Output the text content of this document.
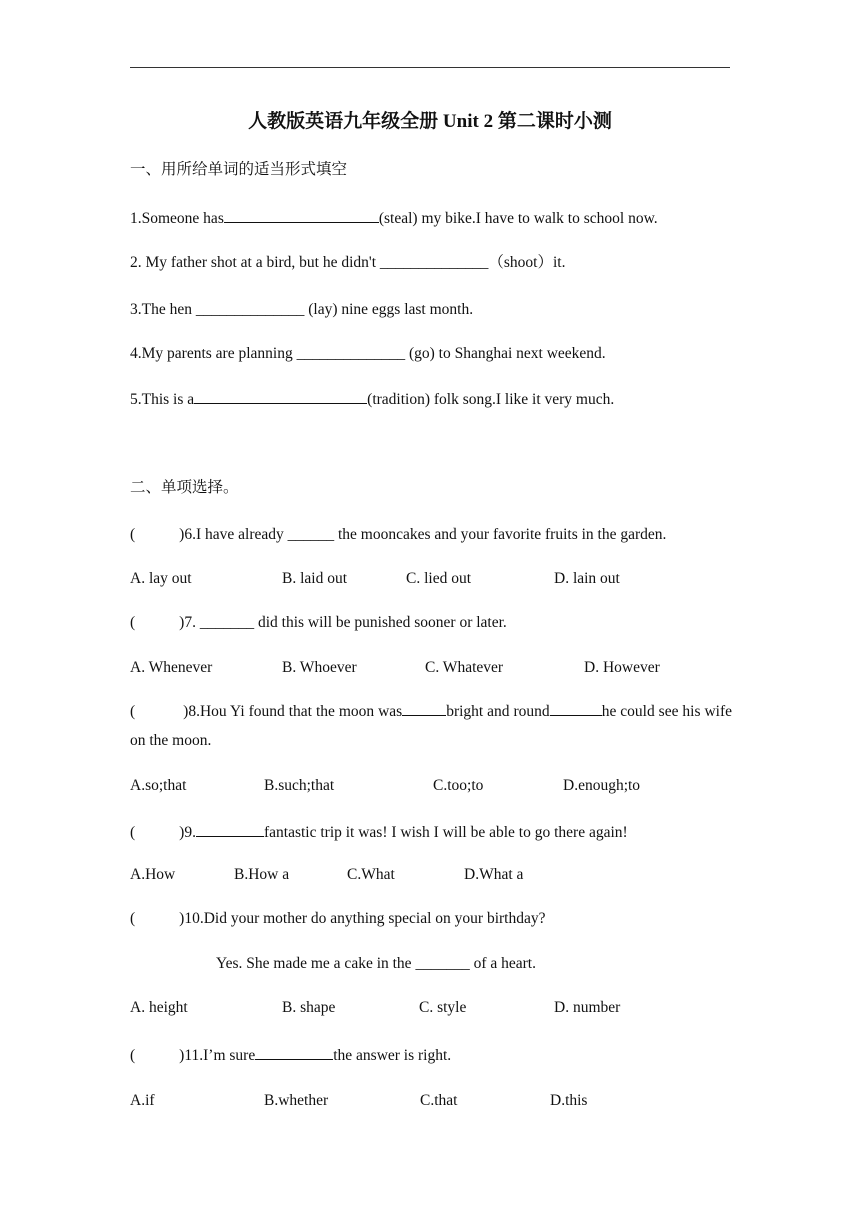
人教版英语九年级全册 Unit 2 第二课时小测
一、用所给单词的适当形式填空
1.Someone has	(steal) my bike.I have to walk to school now.
2. My father shot at a bird, but he didn't ______________（shoot）it.
3.The hen ______________ (lay) nine eggs last month.
4.My parents are planning ______________ (go) to Shanghai next weekend.
5.This is a	(tradition) folk song.I like it very much.
二、单项选择。
(	)6.I have already ______ the mooncakes and your favorite fruits in the garden.
A. lay out	B. laid out	C. lied out	D. lain out
(	)7. _______ did this will be punished sooner or later.
A. Whenever	B. Whoever	C. Whatever	D. However
(	)8.Hou Yi found that the moon was	bright and round	he could see his wife on the moon.
A.so;that	B.such;that	C.too;to	D.enough;to
(	)9.	fantastic trip it was! I wish I will be able to go there again!
A.How	B.How a	C.What	D.What a
(	)10.Did your mother do anything special on your birthday?
Yes. She made me a cake in the _______ of a heart.
A. height	B. shape	C. style	D. number
(	)11.I’m sure	the answer is right.
A.if	B.whether	C.that	D.this
